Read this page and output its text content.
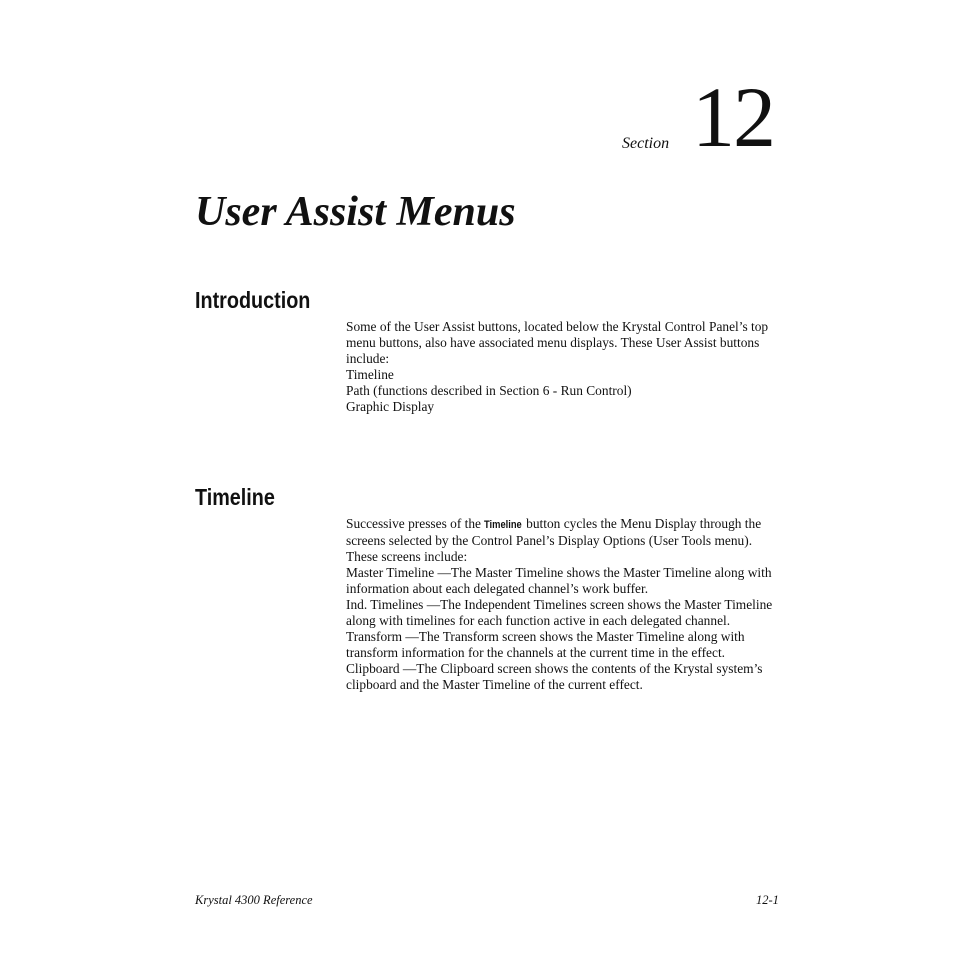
Section 12
User Assist Menus
Introduction

Some of the User Assist buttons, located below the Krystal Control Panel’s top menu buttons, also have associated menu displays. These User Assist buttons include:

Timeline

Path (functions described in Section 6 - Run Control)

Graphic Display

Timeline

Successive presses of the Timeline button cycles the Menu Display through the screens selected by the Control Panel’s Display Options (User Tools menu). These screens include:

Master Timeline —The Master Timeline shows the Master Timeline along with information about each delegated channel’s work buffer.

Ind. Timelines —The Independent Timelines screen shows the Master Timeline along with timelines for each function active in each delegated channel.

Transform —The Transform screen shows the Master Timeline along with transform information for the channels at the current time in the effect.

Clipboard —The Clipboard screen shows the contents of the Krystal system’s clipboard and the Master Timeline of the current effect.

Krystal 4300 Reference	12-1
